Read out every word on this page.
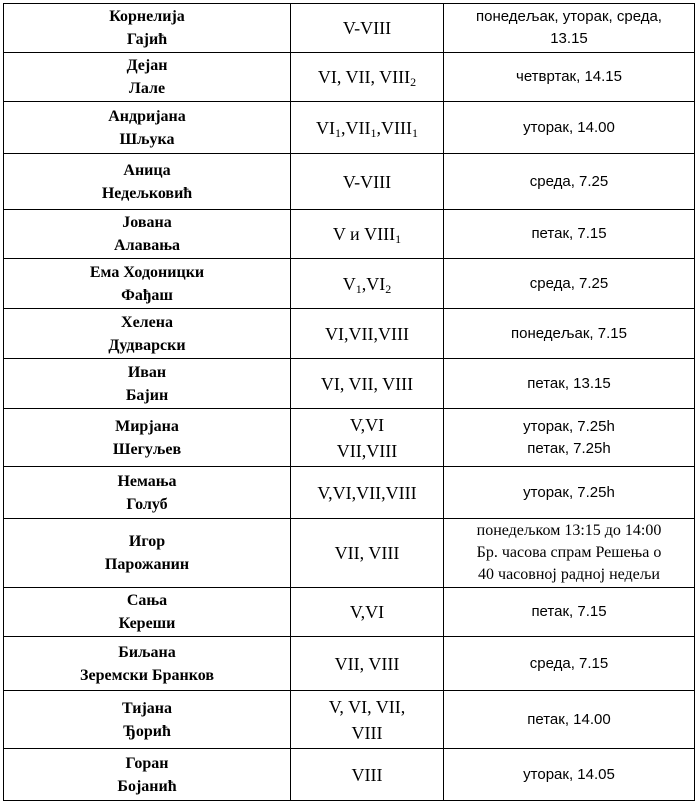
Корнелија
Гаjић	V-VIII	понедељак, уторак, среда,
13.15

Дејан
Лале	VI, VII, $VIII_2$	четвртак, 14.15

Андријана
Шљука	$VI_1,VII_1,VIII_1$	уторак, 14.00

Аница
Недељковић	V-VIII	среда, 7.25

Јована
Алавања	V и $VIII_1$	петак, 7.15

Ема Ходоницки
Фађаш	$V_1,VI_2$	среда, 7.25

Хелена
Дудварски	VI,VII,VIII	понедељак, 7.15

Иван
Бајин	VI, VII, VIII	петак, 13.15

Мирјана
Шегуљев	V,VI
VII,VIII	уторак, 7.25h
петак, 7.25h

Немања
Голуб	V,VI,VII,VIII	уторак, 7.25h

Игор
Парожанин	VII, VIII	понедељком 13:15 до 14:00
Бр. часова спрам Решења о
40 часовној радној недељи

Сања
Кереши	V,VI	петак, 7.15

Биљана
Зеремски Бранков	VII, VIII	среда, 7.15

Тијана
Ђорић	V, VI, VII,
VIII	петак, 14.00

Горан
Бојанић	VIII	уторак, 14.05
